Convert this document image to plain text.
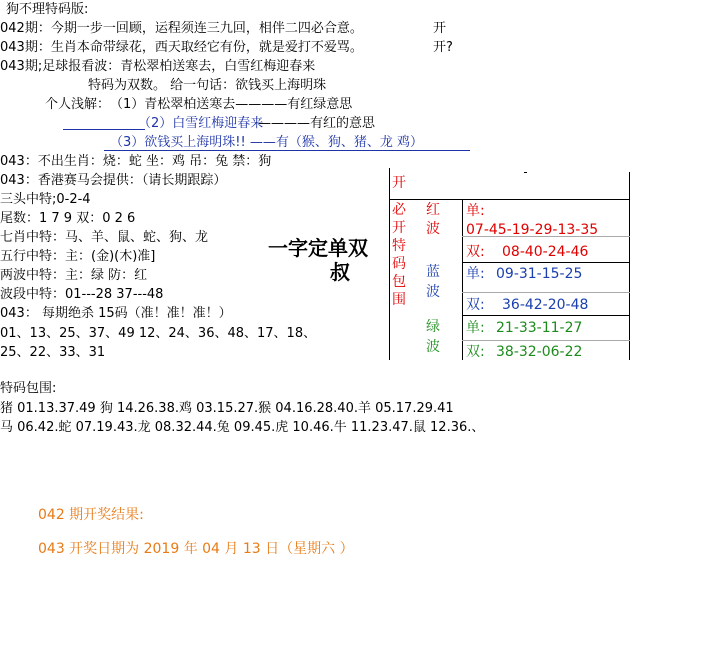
狗不理特码版:
042期：今期一步一回顾，运程须连三九回，相伴二四必合意。	开
043期：生肖本命带绿花，西天取经它有份，就是爱打不爱骂。	开?
043期;足球报看波：青松翠柏送寒去，白雪红梅迎春来
特码为双数。 给一句话：欲钱买上海明珠
个人浅解： （1）青松翠柏送寒去————有红绿意思
（2）白雪红梅迎春来
————有红的意思
（3）欲钱买上海明珠!! ——有（猴、狗、猪、龙 鸡）
043：不出生肖：烧：蛇 坐：鸡 吊：兔 禁：狗
043：香港赛马会提供：（请长期跟踪）
三头中特;0-2-4
尾数：1 7 9 双：0 2 6
七肖中特：马、羊、鼠、蛇、狗、龙
五行中特：主：(金)(木)准]
两波中特：主：绿 防：红
波段中特：01---28 37---48
043： 每期绝杀 15码（准！准！准！）
01、13、25、37、49 12、24、36、48、17、18、
25、22、33、31
一字定单双
叔
开
必
开
特
码
包
围
红
波
单:
07-45-19-29-13-35
双: 08-40-24-46
蓝
波
单: 09-31-15-25
双: 36-42-20-48
绿
波
单: 21-33-11-27
双: 38-32-06-22
特码包围:
猪 01.13.37.49 狗 14.26.38.鸡 03.15.27.猴 04.16.28.40.羊 05.17.29.41
马 06.42.蛇 07.19.43.龙 08.32.44.兔 09.45.虎 10.46.牛 11.23.47.鼠 12.36.、
042 期开奖结果:
043 开奖日期为 2019 年 04 月 13 日（星期六 ）
